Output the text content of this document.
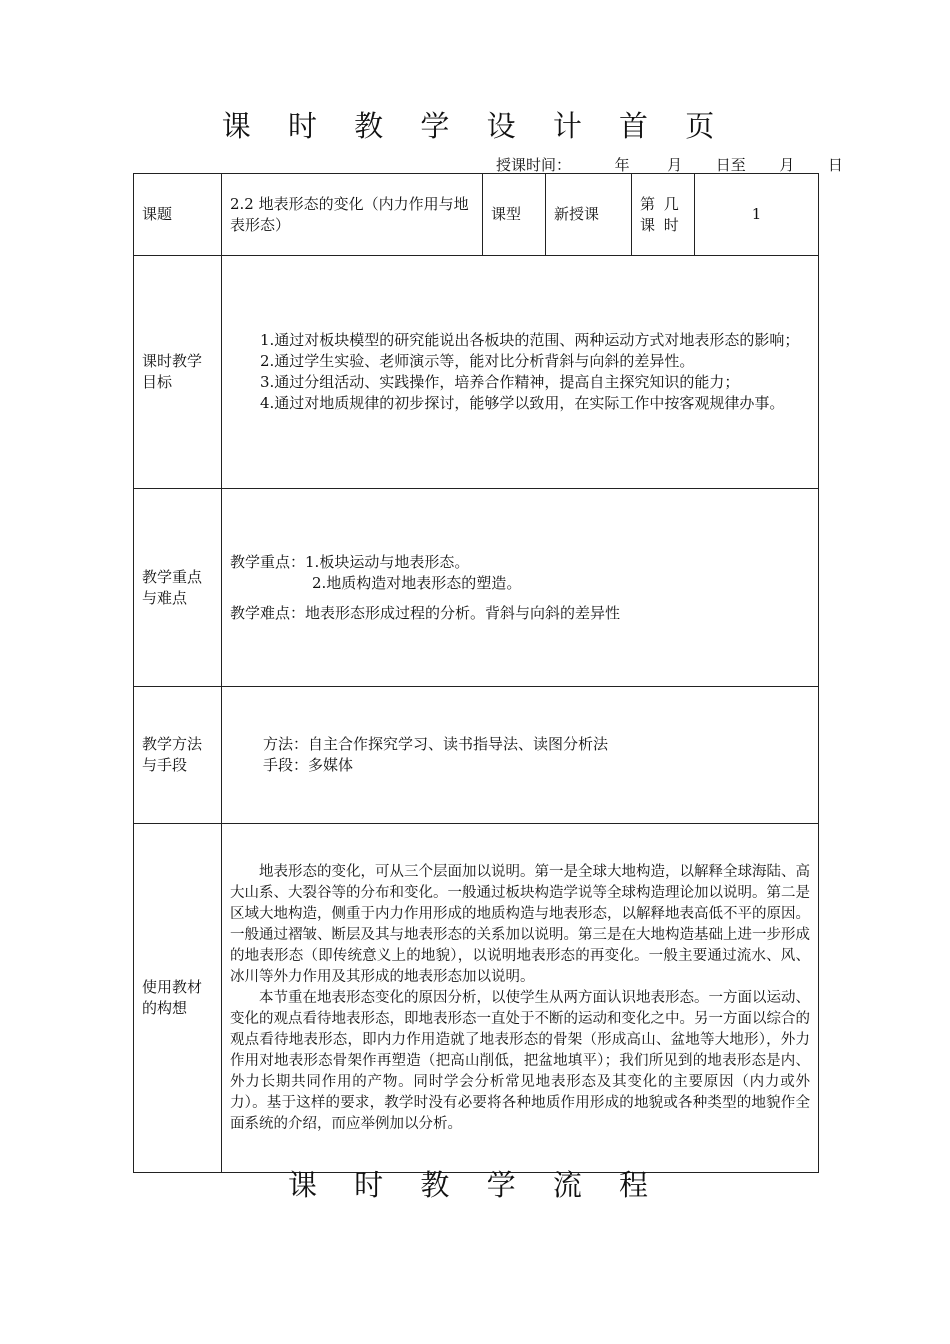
课 时 教 学 设 计 首 页
授课时间：	年	月 日至 月 日
课题	2.2 地表形态的变化（内力作用与地表形态）	课型	新授课	第 几课 时	1
课时教学目标	1.通过对板块模型的研究能说出各板块的范围、两种运动方式对地表形态的影响；

2.通过学生实验、老师演示等，能对比分析背斜与向斜的差异性。

3.通过分组活动、实践操作，培养合作精神，提高自主探究知识的能力；

4.通过对地质规律的初步探讨，能够学以致用，在实际工作中按客观规律办事。				

教学重点与难点	教学重点：1.板块运动与地表形态。
2.地质构造对地表形态的塑造。
教学难点：地表形态形成过程的分析。背斜与向斜的差异性				

教学方法与手段	方法：自主合作探究学习、读书指导法、读图分析法
手段：多媒体				

使用教材的构想	地表形态的变化，可从三个层面加以说明。第一是全球大地构造，以解释全球海陆、高大山系、大裂谷等的分布和变化。一般通过板块构造学说等全球构造理论加以说明。第二是区域大地构造，侧重于内力作用形成的地质构造与地表形态，以解释地表高低不平的原因。一般通过褶皱、断层及其与地表形态的关系加以说明。第三是在大地构造基础上进一步形成的地表形态（即传统意义上的地貌），以说明地表形态的再变化。一般主要通过流水、风、冰川等外力作用及其形成的地表形态加以说明。

本节重在地表形态变化的原因分析，以使学生从两方面认识地表形态。一方面以运动、变化的观点看待地表形态，即地表形态一直处于不断的运动和变化之中。另一方面以综合的观点看待地表形态，即内力作用造就了地表形态的骨架（形成高山、盆地等大地形），外力作用对地表形态骨架作再塑造（把高山削低，把盆地填平）；我们所见到的地表形态是内、外力长期共同作用的产物。同时学会分析常见地表形态及其变化的主要原因（内力或外力）。基于这样的要求，教学时没有必要将各种地质作用形成的地貌或各种类型的地貌作全面系统的介绍，而应举例加以分析。				

课 时 教 学 流 程
